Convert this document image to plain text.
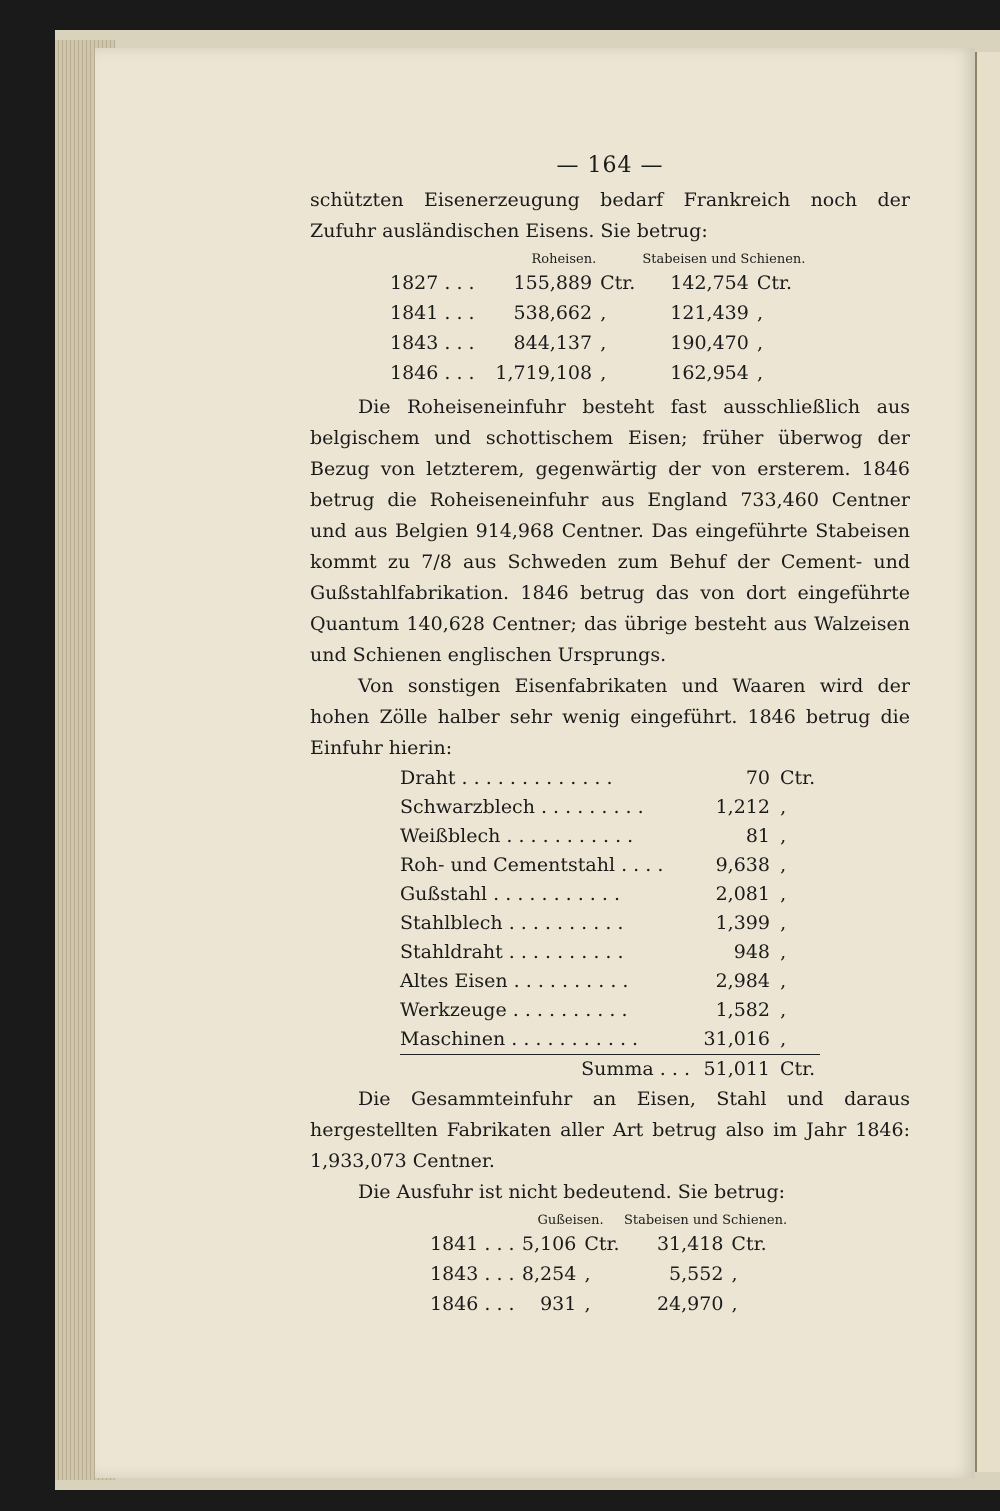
— 164 —

schützten Eisenerzeugung bedarf Frankreich noch der Zufuhr ausländischen Eisens. Sie betrug:

	Roheisen.		Stabeisen und Schienen.	
1827 . . .	155,889	Ctr.	142,754	Ctr.
1841 . . .	538,662	‚	121,439	‚
1843 . . .	844,137	‚	190,470	‚
1846 . . .	1,719,108	‚	162,954	‚

Die Roheiseneinfuhr besteht fast ausschließlich aus belgischem und schottischem Eisen; früher überwog der Bezug von letzterem, gegenwärtig der von ersterem. 1846 betrug die Roheiseneinfuhr aus England 733,460 Centner und aus Belgien 914,968 Centner. Das eingeführte Stabeisen kommt zu 7/8 aus Schweden zum Behuf der Cement- und Gußstahlfabrikation. 1846 betrug das von dort eingeführte Quantum 140,628 Centner; das übrige besteht aus Walzeisen und Schienen englischen Ursprungs.

Von sonstigen Eisenfabrikaten und Waaren wird der hohen Zölle halber sehr wenig eingeführt. 1846 betrug die Einfuhr hierin:

Draht . . . . . . . . . . . . .	70	Ctr.
Schwarzblech . . . . . . . . .	1,212	‚
Weißblech . . . . . . . . . . .	81	‚
Roh- und Cementstahl . . . .	9,638	‚
Gußstahl . . . . . . . . . . .	2,081	‚
Stahlblech . . . . . . . . . .	1,399	‚
Stahldraht . . . . . . . . . .	948	‚
Altes Eisen . . . . . . . . . .	2,984	‚
Werkzeuge . . . . . . . . . .	1,582	‚
Maschinen . . . . . . . . . . .	31,016	‚
Summa . . .	51,011	Ctr.

Die Gesammteinfuhr an Eisen, Stahl und daraus hergestellten Fabrikaten aller Art betrug also im Jahr 1846: 1,933,073 Centner.

Die Ausfuhr ist nicht bedeutend. Sie betrug:

	Gußeisen.		Stabeisen und Schienen.	
1841 . . .	5,106	Ctr.	31,418	Ctr.
1843 . . .	8,254	‚	5,552	‚
1846 . . .	931	‚	24,970	‚
